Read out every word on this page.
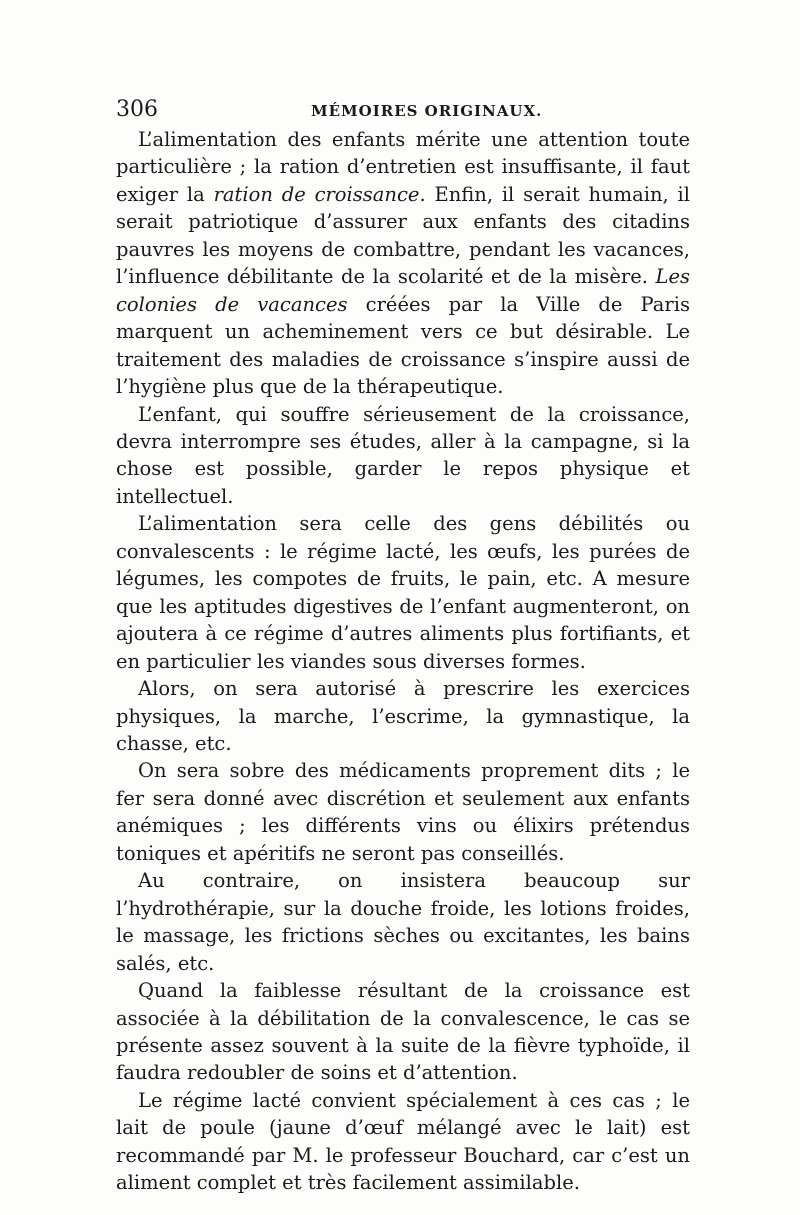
306	MÉMOIRES ORIGINAUX.

L’alimentation des enfants mérite une attention toute particulière ; la ration d’entretien est insuffisante, il faut exiger la ration de croissance. Enfin, il serait humain, il serait patriotique d’assurer aux enfants des citadins pauvres les moyens de combattre, pendant les vacances, l’influence débilitante de la scolarité et de la misère. Les colonies de vacances créées par la Ville de Paris marquent un acheminement vers ce but désirable. Le traitement des maladies de croissance s’inspire aussi de l’hygiène plus que de la thérapeutique.

L’enfant, qui souffre sérieusement de la croissance, devra interrompre ses études, aller à la campagne, si la chose est possible, garder le repos physique et intellectuel.

L’alimentation sera celle des gens débilités ou convalescents : le régime lacté, les œufs, les purées de légumes, les compotes de fruits, le pain, etc. A mesure que les aptitudes digestives de l’enfant augmenteront, on ajoutera à ce régime d’autres aliments plus fortifiants, et en particulier les viandes sous diverses formes.

Alors, on sera autorisé à prescrire les exercices physiques, la marche, l’escrime, la gymnastique, la chasse, etc.

On sera sobre des médicaments proprement dits ; le fer sera donné avec discrétion et seulement aux enfants anémiques ; les différents vins ou élixirs prétendus toniques et apéritifs ne seront pas conseillés.

Au contraire, on insistera beaucoup sur l’hydrothérapie, sur la douche froide, les lotions froides, le massage, les frictions sèches ou excitantes, les bains salés, etc.

Quand la faiblesse résultant de la croissance est associée à la débilitation de la convalescence, le cas se présente assez souvent à la suite de la fièvre typhoïde, il faudra redoubler de soins et d’attention.

Le régime lacté convient spécialement à ces cas ; le lait de poule (jaune d’œuf mélangé avec le lait) est recommandé par M. le professeur Bouchard, car c’est un aliment complet et très facilement assimilable.
